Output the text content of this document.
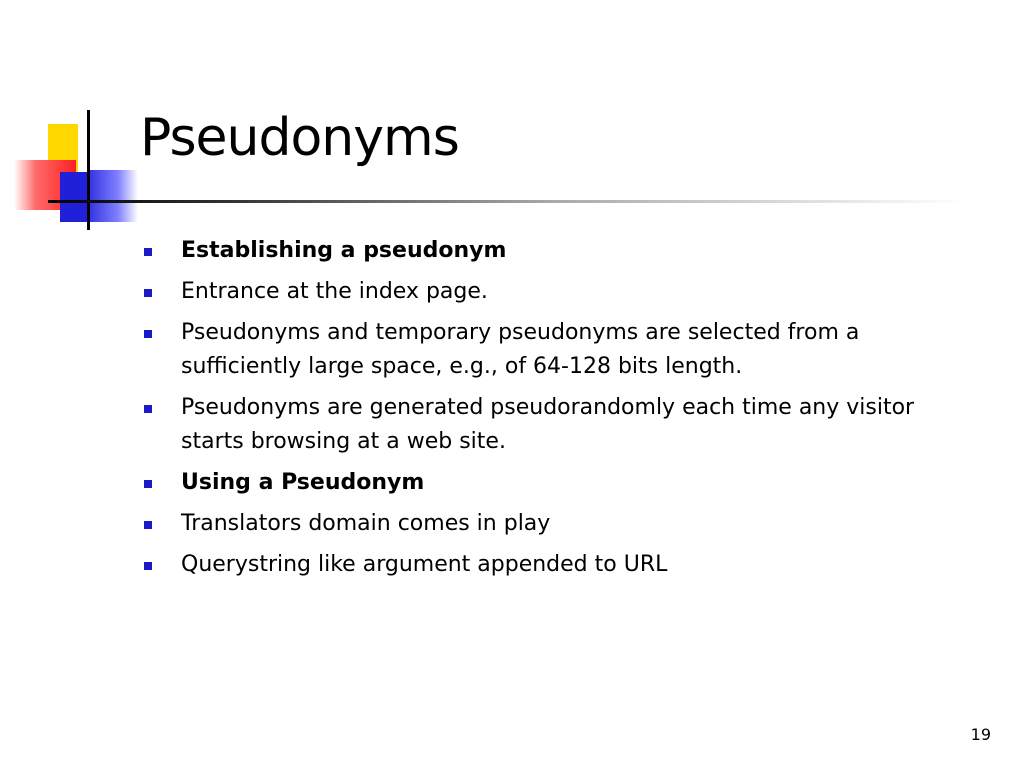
Pseudonyms
Establishing a pseudonym
Entrance at the index page.
Pseudonyms and temporary pseudonyms are selected from a sufficiently large space, e.g., of 64-128 bits length.
Pseudonyms are generated pseudorandomly each time any visitor starts browsing at a web site.
Using a Pseudonym
Translators domain comes in play
Querystring like argument appended to URL
19
